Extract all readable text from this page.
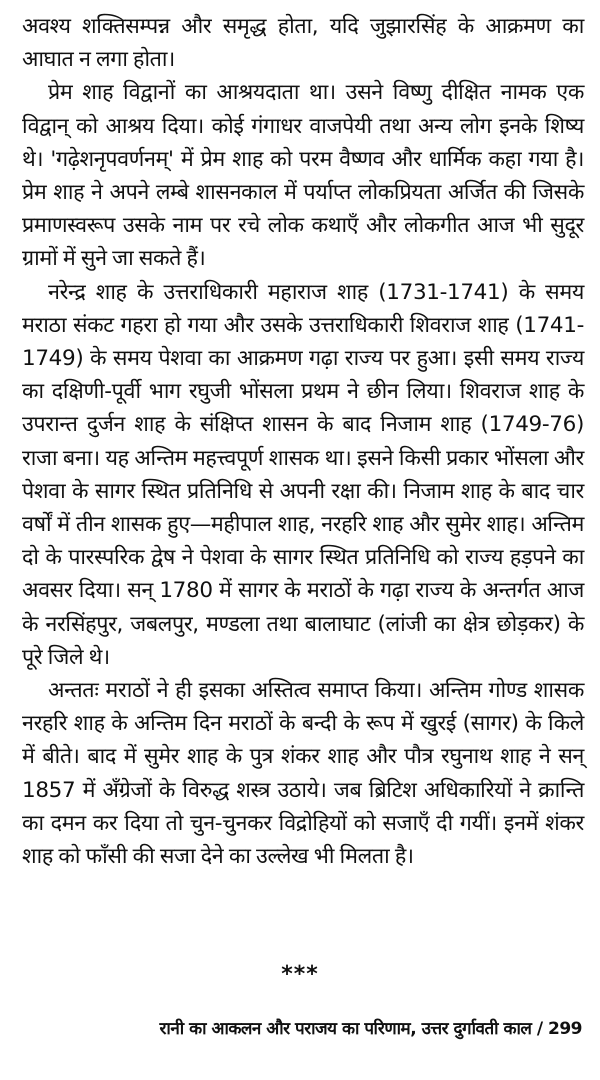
अवश्य शक्तिसम्पन्न और समृद्ध होता, यदि जुझारसिंह के आक्रमण का आघात न लगा होता।

प्रेम शाह विद्वानों का आश्रयदाता था। उसने विष्णु दीक्षित नामक एक विद्वान् को आश्रय दिया। कोई गंगाधर वाजपेयी तथा अन्य लोग इनके शिष्य थे। 'गढ़ेशनृपवर्णनम्' में प्रेम शाह को परम वैष्णव और धार्मिक कहा गया है। प्रेम शाह ने अपने लम्बे शासनकाल में पर्याप्त लोकप्रियता अर्जित की जिसके प्रमाणस्वरूप उसके नाम पर रचे लोक कथाएँ और लोकगीत आज भी सुदूर ग्रामों में सुने जा सकते हैं।

नरेन्द्र शाह के उत्तराधिकारी महाराज शाह (1731-1741) के समय मराठा संकट गहरा हो गया और उसके उत्तराधिकारी शिवराज शाह (1741-1749) के समय पेशवा का आक्रमण गढ़ा राज्य पर हुआ। इसी समय राज्य का दक्षिणी-पूर्वी भाग रघुजी भोंसला प्रथम ने छीन लिया। शिवराज शाह के उपरान्त दुर्जन शाह के संक्षिप्त शासन के बाद निजाम शाह (1749-76) राजा बना। यह अन्तिम महत्त्वपूर्ण शासक था। इसने किसी प्रकार भोंसला और पेशवा के सागर स्थित प्रतिनिधि से अपनी रक्षा की। निजाम शाह के बाद चार वर्षों में तीन शासक हुए—महीपाल शाह, नरहरि शाह और सुमेर शाह। अन्तिम दो के पारस्परिक द्वेष ने पेशवा के सागर स्थित प्रतिनिधि को राज्य हड़पने का अवसर दिया। सन् 1780 में सागर के मराठों के गढ़ा राज्य के अन्तर्गत आज के नरसिंहपुर, जबलपुर, मण्डला तथा बालाघाट (लांजी का क्षेत्र छोड़कर) के पूरे जिले थे।

अन्ततः मराठों ने ही इसका अस्तित्व समाप्त किया। अन्तिम गोण्ड शासक नरहरि शाह के अन्तिम दिन मराठों के बन्दी के रूप में खुरई (सागर) के किले में बीते। बाद में सुमेर शाह के पुत्र शंकर शाह और पौत्र रघुनाथ शाह ने सन् 1857 में अँग्रेजों के विरुद्ध शस्त्र उठाये। जब ब्रिटिश अधिकारियों ने क्रान्ति का दमन कर दिया तो चुन-चुनकर विद्रोहियों को सजाएँ दी गयीं। इनमें शंकर शाह को फाँसी की सजा देने का उल्लेख भी मिलता है।

***
रानी का आकलन और पराजय का परिणाम, उत्तर दुर्गावती काल / 299
